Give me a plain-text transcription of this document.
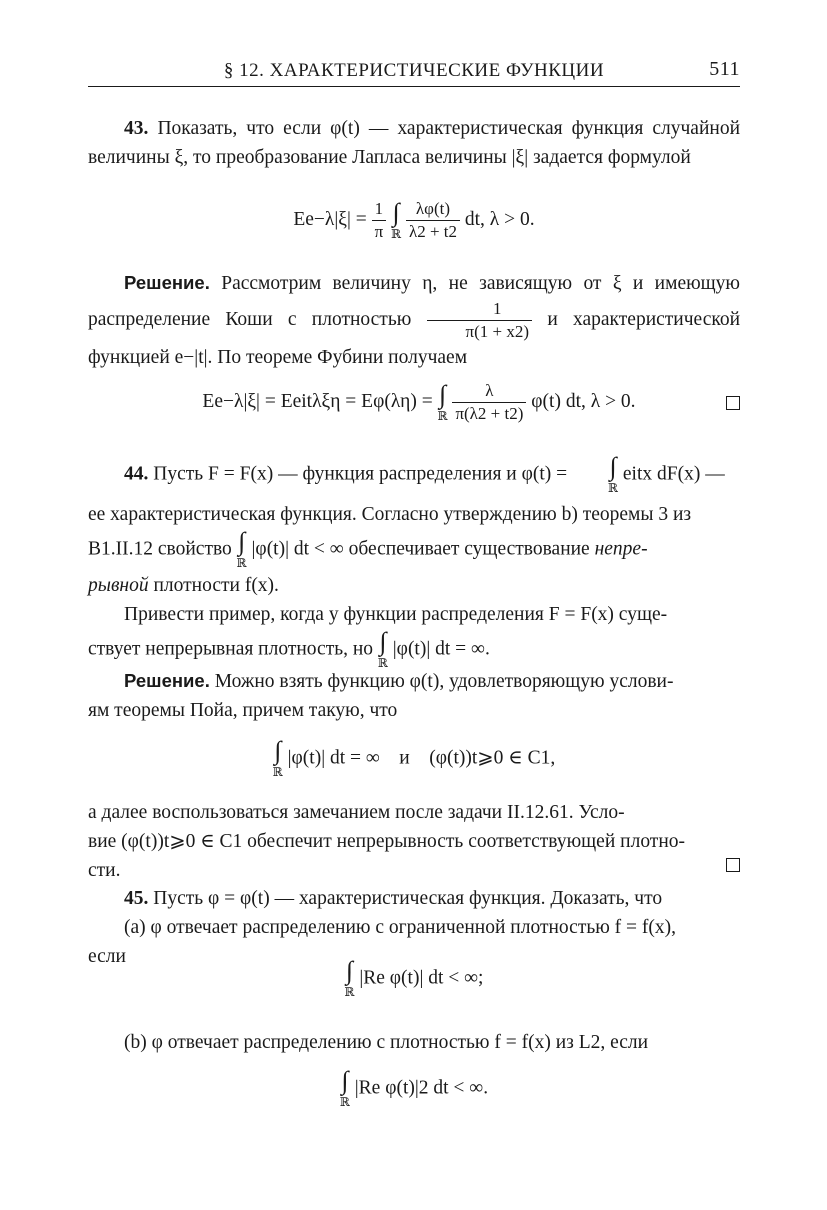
§ 12. ХАРАКТЕРИСТИЧЕСКИЕ ФУНКЦИИ	511

43. Показать, что если φ(t) — характеристическая функция случайной величины ξ, то преобразование Лапласа величины |ξ| задается формулой

$Ee-\lambda|\xi| = \frac{1}{\pi}$
∫
ℝ
$\frac{\lambda\varphi(t)}{\lambda 2 + t2}$ dt, λ > 0.

Решение. Рассмотрим величину η, не зависящую от ξ и имеющую распределение Коши с плотностью $\frac{1}{\pi(1 + x2)}$ и характеристической функцией e−|t|. По теореме Фубини получаем

Ee−λ|ξ| = Eeitλξη = Eφ(λη) = ∫
ℝ
$\frac{\lambda}{\pi(\lambda 2 + t2)} \varphi(t)$ dt, λ > 0.

44. Пусть F = F(x) — функция распределения и φ(t) =	∫
ℝ
eitx dF(x) —

ее характеристическая функция. Согласно утверждению b) теоремы 3 из

B1.II.12 свойство ∫
ℝ
|φ(t)| dt < ∞ обеспечивает существование непре-

рывной плотности f(x).

Привести пример, когда у функции распределения F = F(x) суще-

ствует непрерывная плотность, но ∫
ℝ
|φ(t)| dt = ∞.

Решение. Можно взять функцию φ(t), удовлетворяющую услови-

ям теоремы Пойа, причем такую, что

∫
ℝ
|φ(t)| dt = ∞ и (φ(t))t⩾0 ∈ C1,

а далее воспользоваться замечанием после задачи II.12.61. Усло-

вие (φ(t))t⩾0 ∈ C1 обеспечит непрерывность соответствующей плотно-

сти.

45. Пусть φ = φ(t) — характеристическая функция. Доказать, что

(a) φ отвечает распределению с ограниченной плотностью f = f(x),

если	∫
ℝ
|Re φ(t)| dt < ∞;

(b) φ отвечает распределению с плотностью f = f(x) из L2, если

∫
ℝ
|Re φ(t)|2 dt < ∞.
